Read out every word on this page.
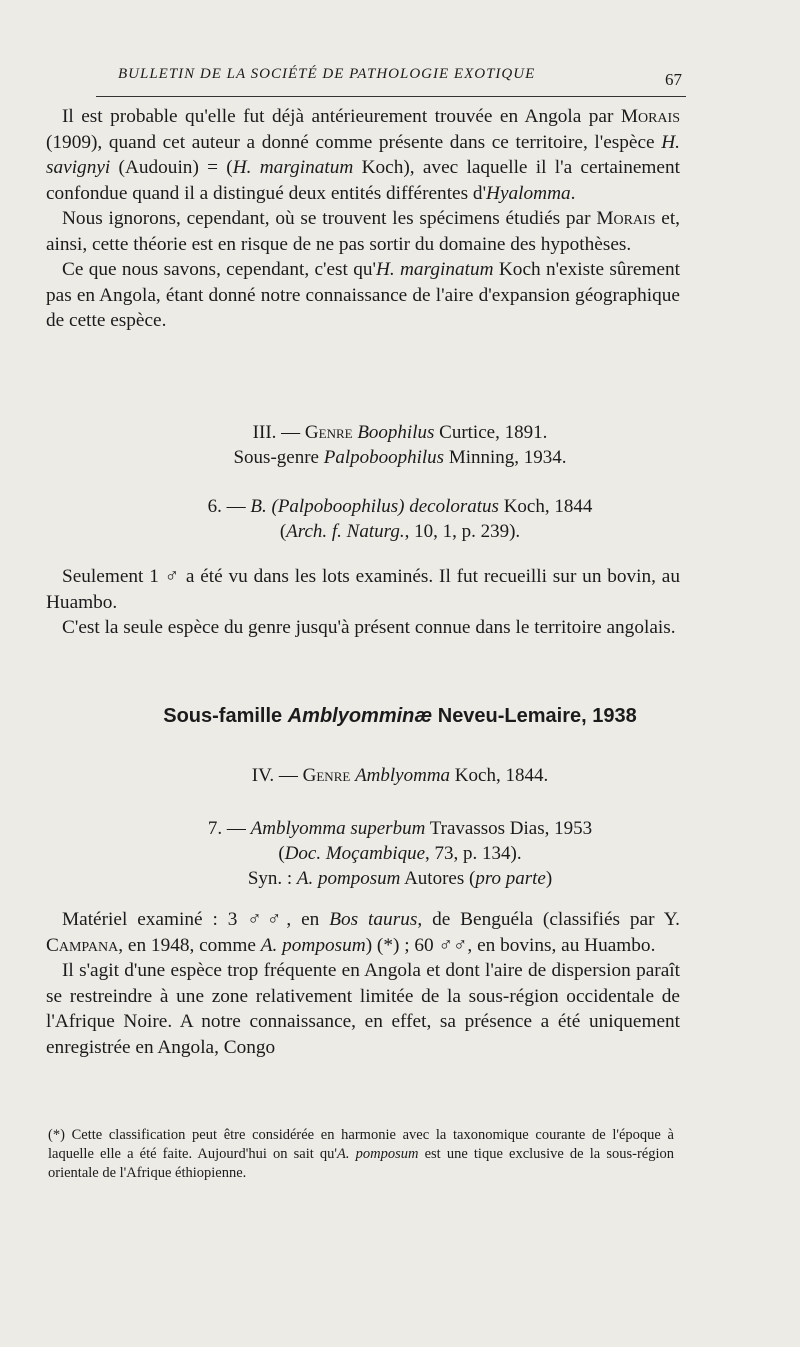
BULLETIN DE LA SOCIÉTÉ DE PATHOLOGIE EXOTIQUE	67

Il est probable qu'elle fut déjà antérieurement trouvée en Angola par Morais (1909), quand cet auteur a donné comme présente dans ce territoire, l'espèce H. savignyi (Audouin) = (H. marginatum Koch), avec laquelle il l'a certainement confondue quand il a distingué deux entités différentes d'Hyalomma.

Nous ignorons, cependant, où se trouvent les spécimens étudiés par Morais et, ainsi, cette théorie est en risque de ne pas sortir du domaine des hypothèses.

Ce que nous savons, cependant, c'est qu'H. marginatum Koch n'existe sûrement pas en Angola, étant donné notre connaissance de l'aire d'expansion géographique de cette espèce.

III. — Genre Boophilus Curtice, 1891.

Sous-genre Palpoboophilus Minning, 1934.

6. — B. (Palpoboophilus) decoloratus Koch, 1844

(Arch. f. Naturg., 10, 1, p. 239).

Seulement 1 ♂ a été vu dans les lots examinés. Il fut recueilli sur un bovin, au Huambo.

C'est la seule espèce du genre jusqu'à présent connue dans le territoire angolais.

Sous-famille Amblyomminæ Neveu-Lemaire, 1938

IV. — Genre Amblyomma Koch, 1844.

7. — Amblyomma superbum Travassos Dias, 1953

(Doc. Moçambique, 73, p. 134).

Syn. : A. pomposum Autores (pro parte)

Matériel examiné : 3 ♂♂, en Bos taurus, de Benguéla (classifiés par Y. Campana, en 1948, comme A. pomposum) (*) ; 60 ♂♂, en bovins, au Huambo.

Il s'agit d'une espèce trop fréquente en Angola et dont l'aire de dispersion paraît se restreindre à une zone relativement limitée de la sous-région occidentale de l'Afrique Noire. A notre connaissance, en effet, sa présence a été uniquement enregistrée en Angola, Congo

(*) Cette classification peut être considérée en harmonie avec la taxonomique courante de l'époque à laquelle elle a été faite. Aujourd'hui on sait qu'A. pomposum est une tique exclusive de la sous-région orientale de l'Afrique éthiopienne.
